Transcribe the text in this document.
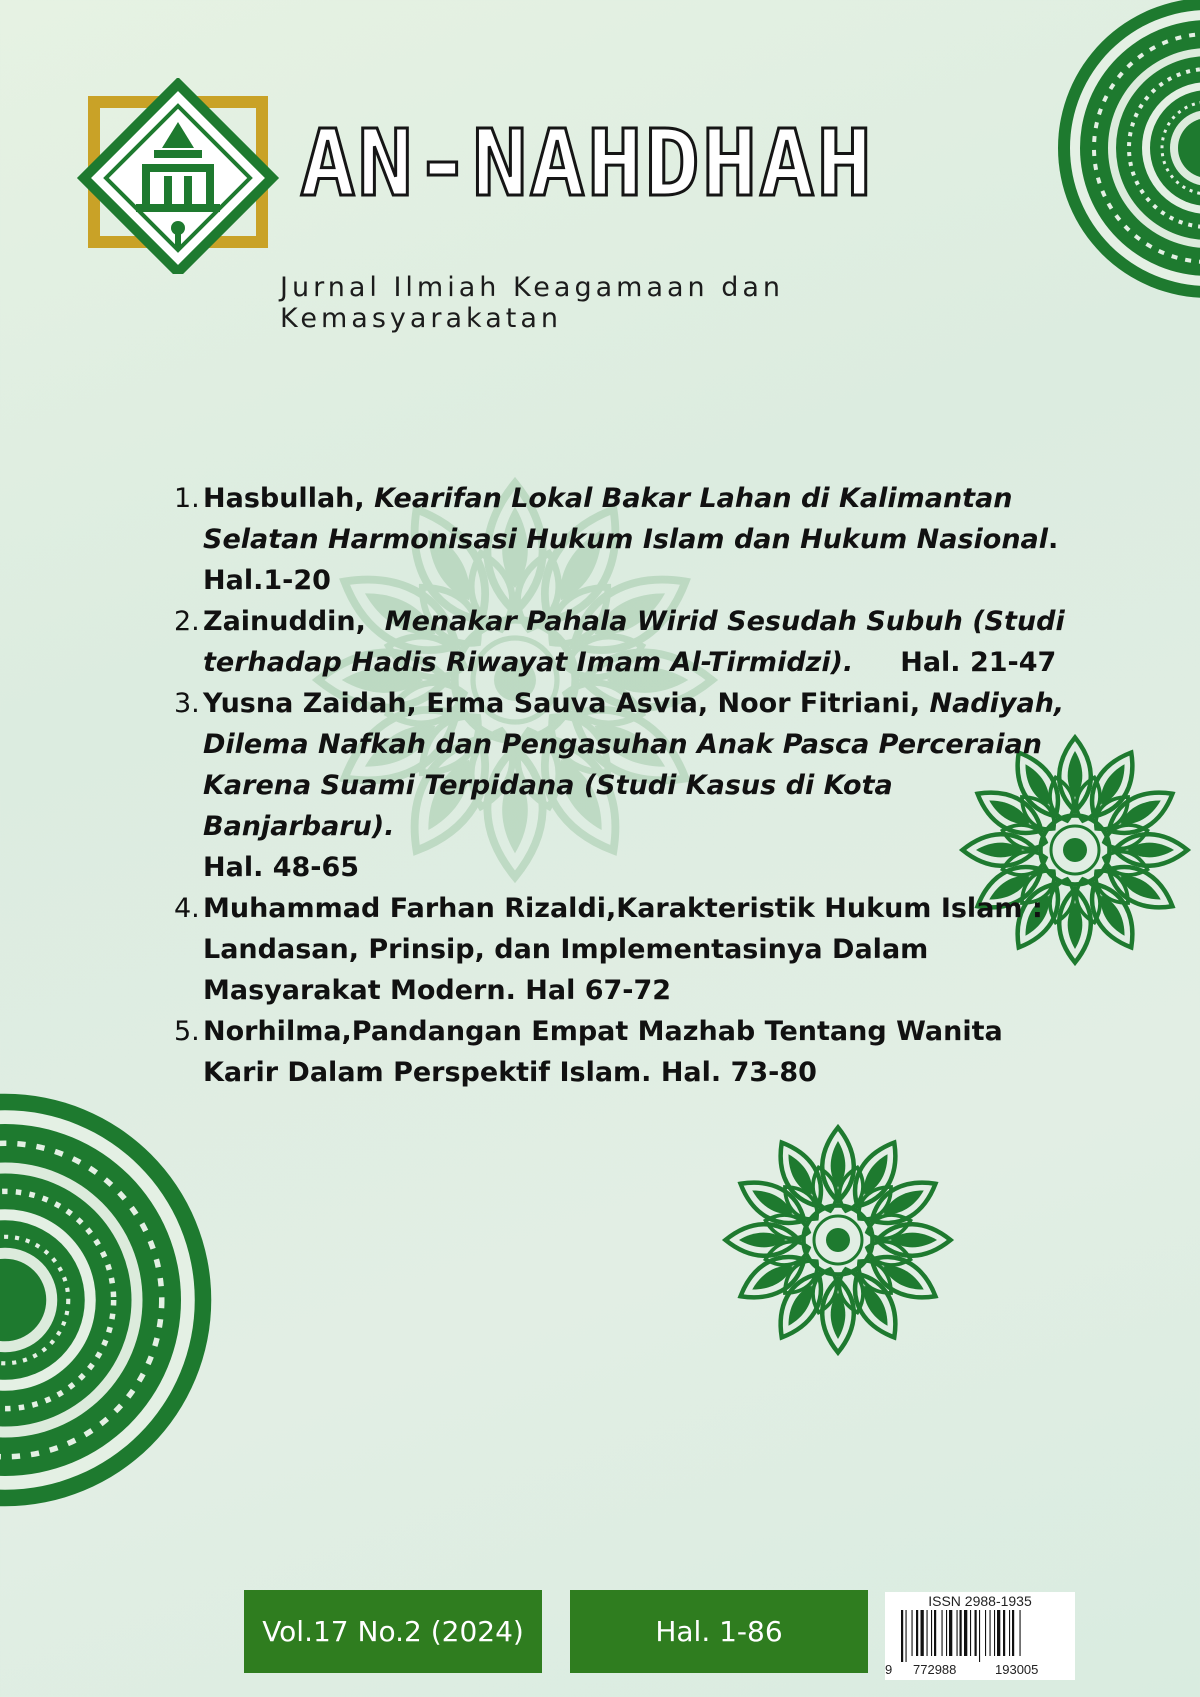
AN-NAHDHAH
Jurnal Ilmiah Keagamaan dan Kemasyarakatan
1. Hasbullah, Kearifan Lokal Bakar Lahan di Kalimantan Selatan Harmonisasi Hukum Islam dan Hukum Nasional.
Hal.1-20
2. Zainuddin,  Menakar Pahala Wirid Sesudah Subuh (Studi terhadap Hadis Riwayat Imam Al-Tirmidzi). Hal. 21-47
3. Yusna Zaidah, Erma Sauva Asvia, Noor Fitriani, Nadiyah, Dilema Nafkah dan Pengasuhan Anak Pasca Perceraian Karena Suami Terpidana (Studi Kasus di Kota Banjarbaru).
Hal. 48-65
4. Muhammad Farhan Rizaldi,Karakteristik Hukum Islam : Landasan, Prinsip, dan Implementasinya Dalam Masyarakat Modern. Hal 67-72
5. Norhilma,Pandangan Empat Mazhab Tentang Wanita Karir Dalam Perspektif Islam. Hal. 73-80
Vol.17 No.2 (2024)	Hal. 1-86
ISSN 2988-1935
9 772988	193005
